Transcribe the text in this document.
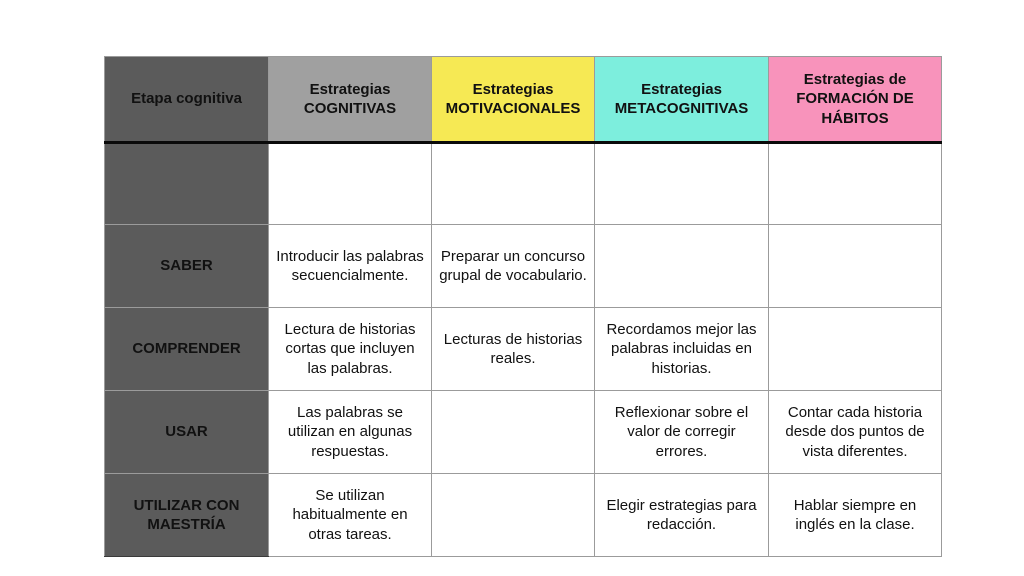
Etapa cognitiva	Estrategias COGNITIVAS	Estrategias MOTIVACIONALES	Estrategias METACOGNITIVAS	Estrategias de FORMACIÓN DE HÁBITOS

SABER	Introducir las palabras secuencialmente.	Preparar un concurso grupal de vocabulario.		
COMPRENDER	Lectura de historias cortas que incluyen las palabras.	Lecturas de historias reales.	Recordamos mejor las palabras incluidas en historias.	
USAR	Las palabras se utilizan en algunas respuestas.		Reflexionar sobre el valor de corregir errores.	Contar cada historia desde dos puntos de vista diferentes.
UTILIZAR CON MAESTRÍA	Se utilizan habitualmente en otras tareas.		Elegir estrategias para redacción.	Hablar siempre en inglés en la clase.
